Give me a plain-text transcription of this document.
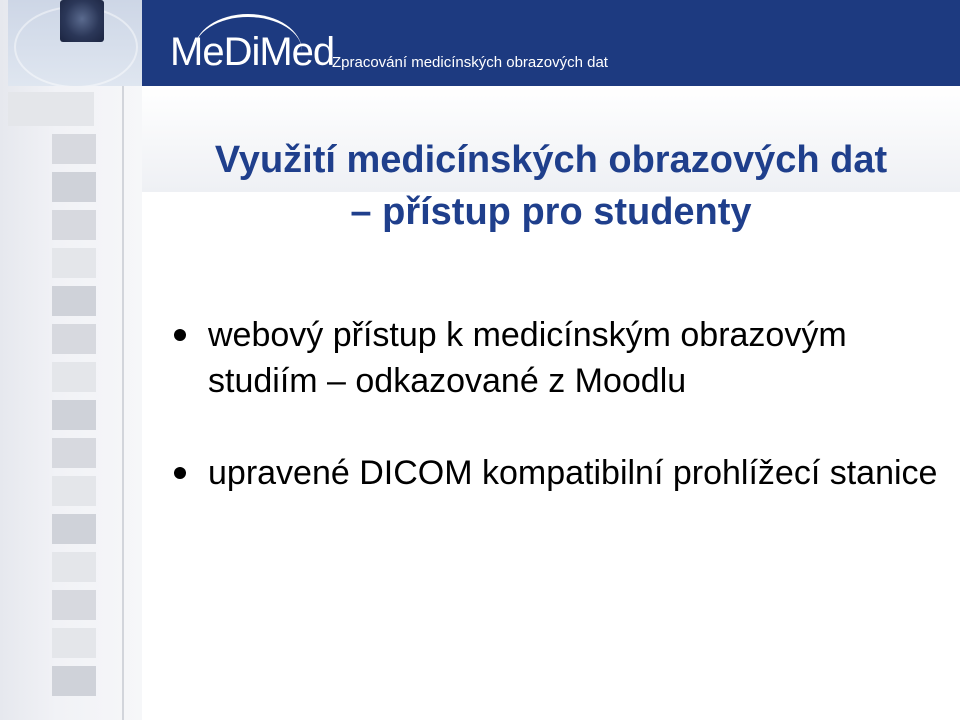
MeDiMed
Zpracování medicínských obrazových dat
Využití medicínských obrazových dat
– přístup pro studenty
webový přístup k medicínským obrazovým studiím – odkazované z Moodlu
upravené DICOM kompatibilní prohlížecí stanice
